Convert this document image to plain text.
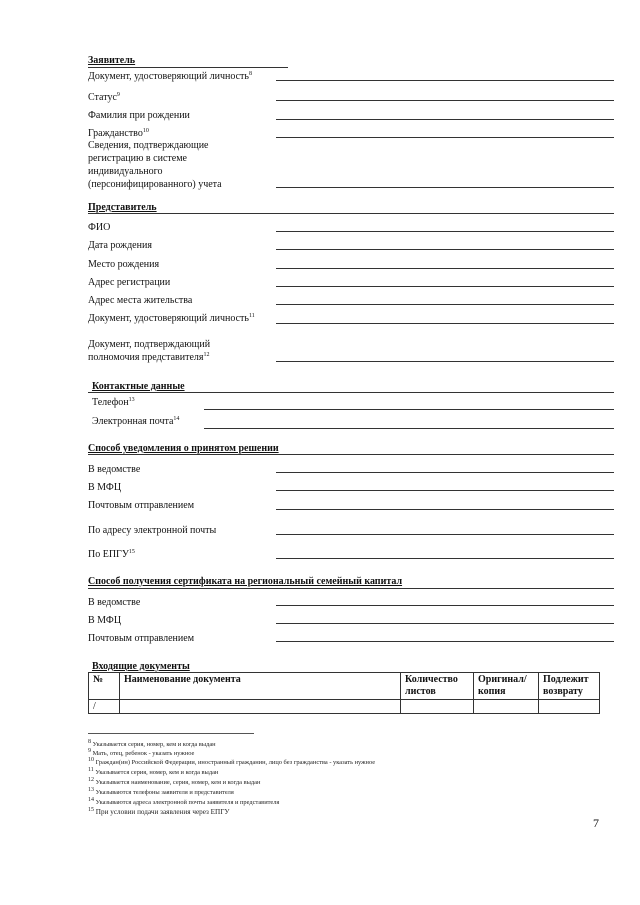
Заявитель
Документ, удостоверяющий личность$^8$
Статус$^9$
Фамилия при рождении
Гражданство$^{10}$
Сведения, подтверждающие
регистрацию в системе
индивидуального
(персонифицированного) учета
Представитель
ФИО
Дата рождения
Место рождения
Адрес регистрации
Адрес места жительства
Документ, удостоверяющий личность$^{11}$
Документ, подтверждающий
полномочия представителя$^{12}$
Контактные данные
Телефон$^{13}$
Электронная почта$^{14}$
Способ уведомления о принятом решении
В ведомстве
В МФЦ
Почтовым отправлением
По адресу электронной почты
По ЕПГУ$^{15}$
Способ получения сертификата на региональный семейный капитал
В ведомстве
В МФЦ
Почтовым отправлением
Входящие документы
№	Наименование документа	Количество листов	Оригинал/ копия	Подлежит возврату
/				
$^8$ Указывается серия, номер, кем и когда выдан
$^9$ Мать, отец, ребенок - указать нужное
$^{10}$ Граждан(ин) Российской Федерации, иностранный гражданин, лицо без гражданства - указать нужное
$^{11}$ Указывается серия, номер, кем и когда выдан
$^{12}$ Указывается наименование, серия, номер, кем и когда выдан
$^{13}$ Указываются телефоны заявителя и представителя
$^{14}$ Указываются адреса электронной почты заявителя и представителя
$^{15}$ При условии подачи заявления через ЕПГУ
7
